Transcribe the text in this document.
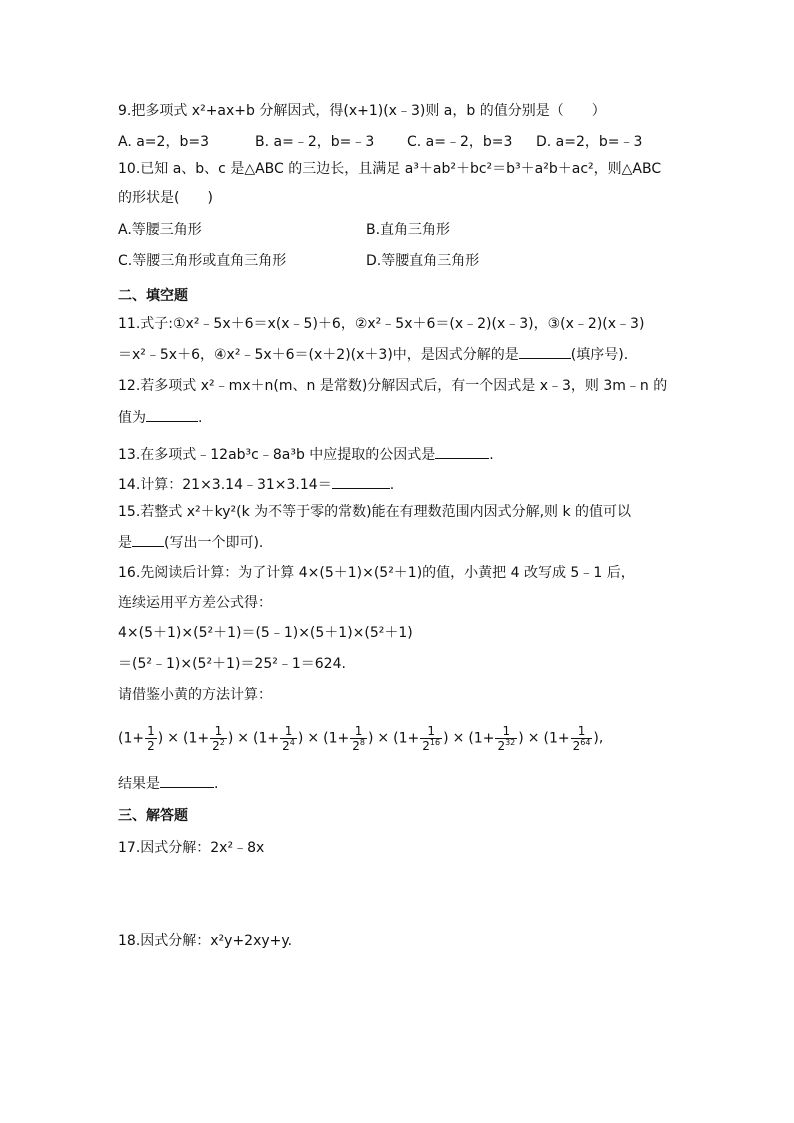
9.把多项式 x²+ax+b 分解因式，得(x+1)(x﹣3)则 a，b 的值分别是（　　）
A. a=2，b=3	B. a=﹣2，b=﹣3 C. a=﹣2，b=3 D. a=2，b=﹣3
10.已知 a、b、c 是△ABC 的三边长，且满足 a³＋ab²＋bc²＝b³＋a²b＋ac²，则△ABC
的形状是(　　)
A.等腰三角形	B.直角三角形
C.等腰三角形或直角三角形	D.等腰直角三角形
二、填空题
11.式子:①x²﹣5x＋6＝x(x﹣5)＋6，②x²﹣5x＋6＝(x﹣2)(x﹣3)，③(x﹣2)(x﹣3)
＝x²﹣5x＋6，④x²﹣5x＋6＝(x＋2)(x＋3)中，是因式分解的是	(填序号).
12.若多项式 x²﹣mx＋n(m、n 是常数)分解因式后，有一个因式是 x﹣3，则 3m﹣n 的
值为	.
13.在多项式﹣12ab³c﹣8a³b 中应提取的公因式是	.
14.计算：21×3.14﹣31×3.14＝	.
15.若整式 x²＋ky²(k 为不等于零的常数)能在有理数范围内因式分解,则 k 的值可以
是 (写出一个即可).
16.先阅读后计算：为了计算 4×(5＋1)×(5²＋1)的值，小黄把 4 改写成 5﹣1 后，
连续运用平方差公式得：
4×(5＋1)×(5²＋1)＝(5﹣1)×(5＋1)×(5²＋1)
＝(5²﹣1)×(5²＋1)＝25²﹣1＝624.
请借鉴小黄的方法计算：
($1+ \frac{1}{2}$ ) × ($1+ \frac{1}{2^2}$ ) × ($1+ \frac{1}{2^4}$ ) × ($1+ \frac{1}{2^8}$ ) × ($1+ \frac{1}{2^{16}}$ ) × ($1+ \frac{1}{2^{32}}$ ) × ($1+ \frac{1}{2^{64}}$ ) ,
结果是	.
三、解答题
17.因式分解：2x²﹣8x
18.因式分解：x²y+2xy+y.
